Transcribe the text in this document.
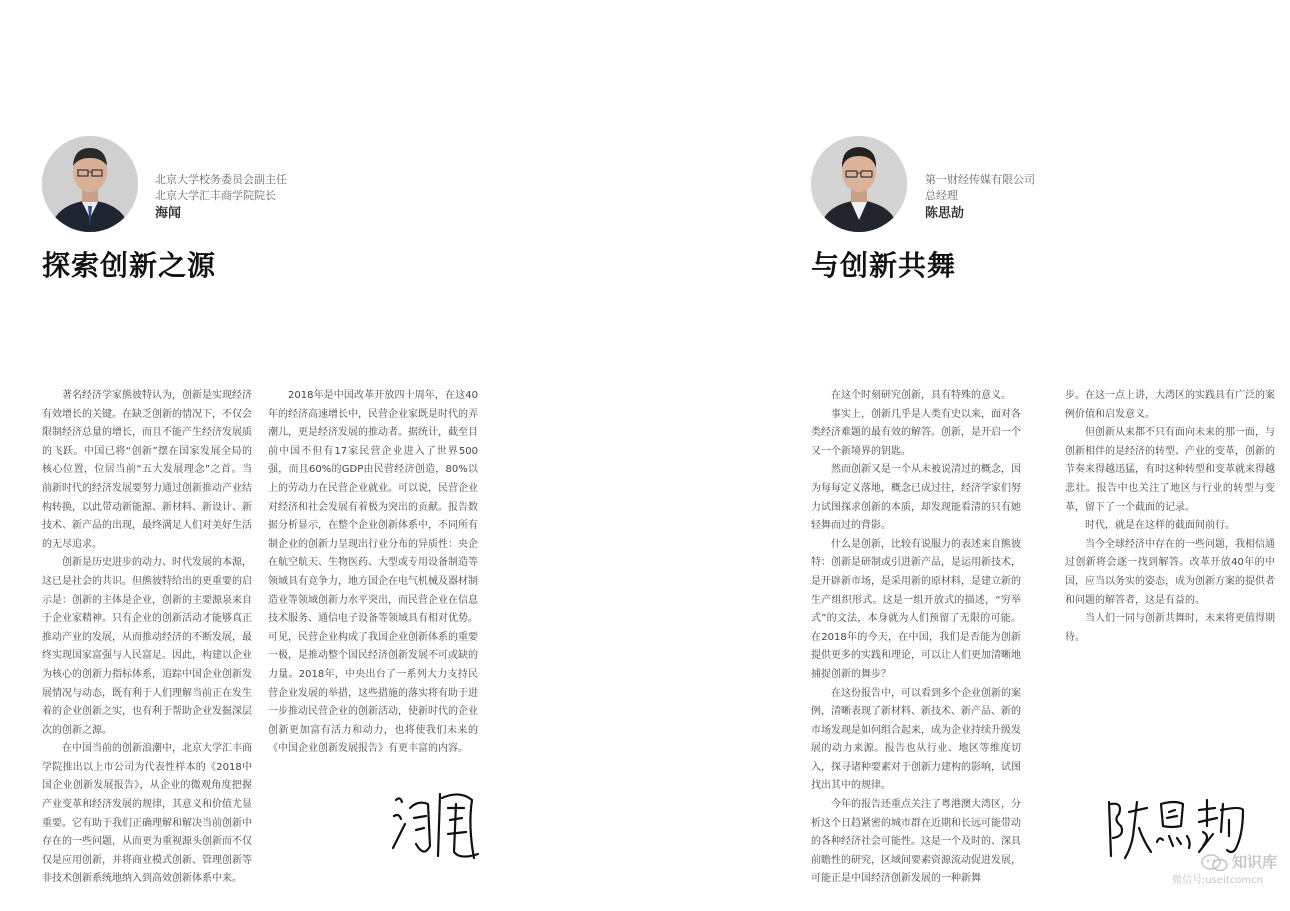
北京大学校务委员会副主任
北京大学汇丰商学院院长
海闻
探索创新之源

著名经济学家熊彼特认为，创新是实现经济有效增长的关键。在缺乏创新的情况下，不仅会限制经济总量的增长，而且不能产生经济发展质的飞跃。中国已将“创新”摆在国家发展全局的核心位置，位居当前“五大发展理念”之首。当前新时代的经济发展要努力通过创新推动产业结构转换，以此带动新能源、新材料、新设计、新技术、新产品的出现，最终满足人们对美好生活的无尽追求。

创新是历史进步的动力、时代发展的本源，这已是社会的共识。但熊彼特给出的更重要的启示是：创新的主体是企业，创新的主要源泉来自于企业家精神。只有企业的创新活动才能够真正推动产业的发展，从而推动经济的不断发展，最终实现国家富强与人民富足。因此，构建以企业为核心的创新力指标体系，追踪中国企业创新发展情况与动态，既有利于人们理解当前正在发生着的企业创新之实，也有利于帮助企业发掘深层次的创新之源。

在中国当前的创新浪潮中，北京大学汇丰商学院推出以上市公司为代表性样本的《2018中国企业创新发展报告》，从企业的微观角度把握产业变革和经济发展的规律，其意义和价值尤显重要。它有助于我们正确理解和解决当前创新中存在的一些问题，从而更为重视源头创新而不仅仅是应用创新，并将商业模式创新、管理创新等非技术创新系统地纳入到高效创新体系中来。

2018年是中国改革开放四十周年，在这40年的经济高速增长中，民营企业家既是时代的弄潮儿，更是经济发展的推动者。据统计，截至目前中国不但有17家民营企业进入了世界500强，而且60%的GDP由民营经济创造，80%以上的劳动力在民营企业就业。可以说，民营企业对经济和社会发展有着极为突出的贡献。报告数据分析显示，在整个企业创新体系中，不同所有制企业的创新力呈现出行业分布的异质性：央企在航空航天、生物医药、大型或专用设备制造等领域具有竞争力，地方国企在电气机械及器材制造业等领域创新力水平突出，而民营企业在信息技术服务、通信电子设备等领域具有相对优势。可见，民营企业构成了我国企业创新体系的重要一极，是推动整个国民经济创新发展不可或缺的力量。2018年，中央出台了一系列大力支持民营企业发展的举措，这些措施的落实将有助于进一步推动民营企业的创新活动，使新时代的企业创新更加富有活力和动力，也将使我们未来的《中国企业创新发展报告》有更丰富的内容。

第一财经传媒有限公司
总经理
陈思劼
与创新共舞

在这个时刻研究创新，具有特殊的意义。

事实上，创新几乎是人类有史以来，面对各类经济难题的最有效的解答。创新，是开启一个又一个新境界的钥匙。

然而创新又是一个从未被说清过的概念，因为每每定义落地，概念已成过往，经济学家们努力试图探求创新的本质，却发现能看清的只有她轻舞而过的背影。

什么是创新，比较有说服力的表述来自熊彼特：创新是研制或引进新产品，是运用新技术，是开辟新市场，是采用新的原材料，是建立新的生产组织形式。这是一组开放式的描述，“穷举式”的文法，本身就为人们预留了无限的可能。在2018年的今天，在中国，我们是否能为创新提供更多的实践和理论，可以让人们更加清晰地捕捉创新的舞步？

在这份报告中，可以看到多个企业创新的案例，清晰表现了新材料、新技术、新产品、新的市场发现是如何组合起来，成为企业持续升级发展的动力来源。报告也从行业、地区等维度切入，探寻诸种要素对于创新力建构的影响，试图找出其中的规律。

今年的报告还重点关注了粤港澳大湾区，分析这个日趋紧密的城市群在近期和长远可能带动的各种经济社会可能性。这是一个及时的、深具前瞻性的研究，区域间要素资源流动促进发展，可能正是中国经济创新发展的一种新舞

步。在这一点上讲，大湾区的实践具有广泛的案例价值和启发意义。

但创新从来都不只有面向未来的那一面，与创新相伴的是经济的转型、产业的变革，创新的节奏来得越迅猛，有时这种转型和变革就来得越悲壮。报告中也关注了地区与行业的转型与变革，留下了一个截面的记录。

时代，就是在这样的截面间前行。

当今全球经济中存在的一些问题，我相信通过创新将会逐一找到解答。改革开放40年的中国，应当以务实的姿态，成为创新方案的提供者和问题的解答者，这是有益的。

当人们一同与创新共舞时，未来将更值得期待。

知识库
微信号:useitcomcn
